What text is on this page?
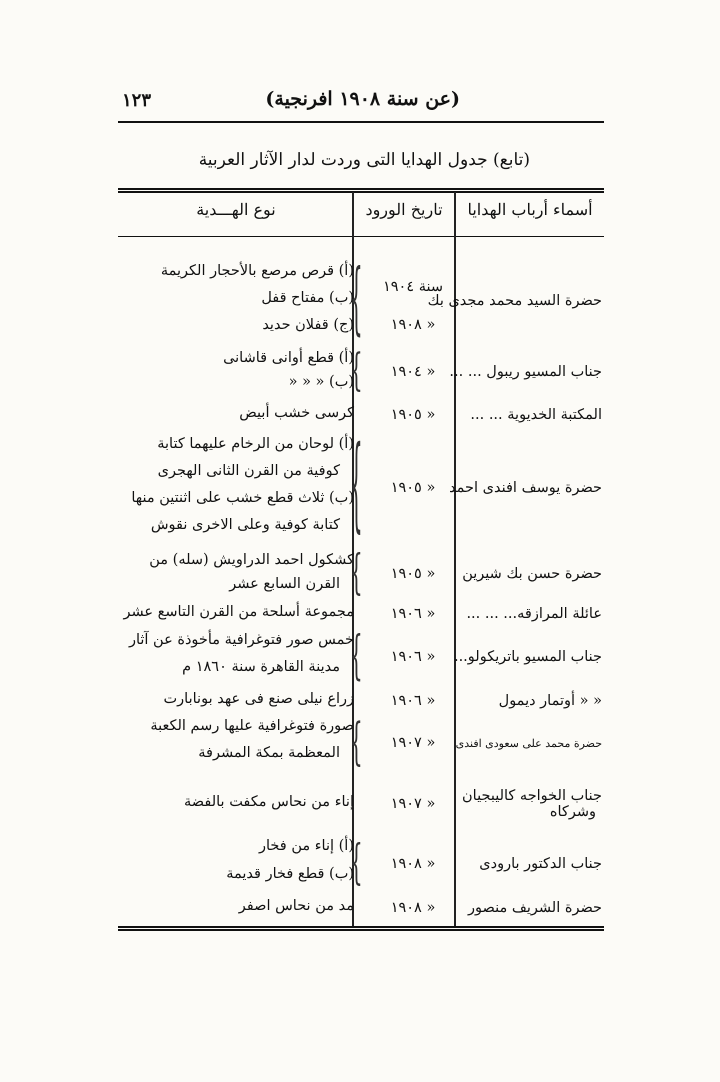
(عن سنة ١٩٠٨ افرنجية)
١٢٣
(تابع) جدول الهدايا التى وردت لدار الآثار العربية
أسماء أرباب الهدايا
تاريخ الورود
نوع الهـــدية
حضرة السيد محمد مجدى بك
سنة ١٩٠٤
« ١٩٠٨
(أ) قرص مرصع بالأحجار الكريمة
(ب) مفتاح قفل
(ج) قفلان حديد
}
جناب المسيو ريبول ... ...
« ١٩٠٤
(أ) قطع أوانى قاشانى
(ب) « « «
}
المكتبة الخديوية ... ...
« ١٩٠٥
كرسى خشب أبيض
حضرة يوسف افندى احمد
« ١٩٠٥
(أ) لوحان من الرخام عليهما كتابة
كوفية من القرن الثانى الهجرى
(ب) ثلاث قطع خشب على اثنتين منها
كتابة كوفية وعلى الاخرى نقوش }
حضرة حسن بك شيرين
« ١٩٠٥
كشكول احمد الدراويش (سله) من
القرن السابع عشر }
عائلة المرازقه... ... ...
« ١٩٠٦
مجموعة أسلحة من القرن التاسع عشر
جناب المسيو باتريكولو...
« ١٩٠٦
خمس صور فتوغرافية مأخوذة عن آثار
مدينة القاهرة سنة ١٨٦٠ م }
« « أوتمار ديمول
« ١٩٠٦
زراع نيلى صنع فى عهد بونابارت
حضرة محمد على سعودى افندى
« ١٩٠٧
صورة فتوغرافية عليها رسم الكعبة
المعظمة بمكة المشرفة }
جناب الخواجه كاليبجيان
وشركاه
« ١٩٠٧
إناء من نحاس مكفت بالفضة
جناب الدكتور بارودى
« ١٩٠٨
(أ) إناء من فخار
(ب) قطع فخار قديمة
}
حضرة الشريف منصور
« ١٩٠٨
مد من نحاس اصفر
